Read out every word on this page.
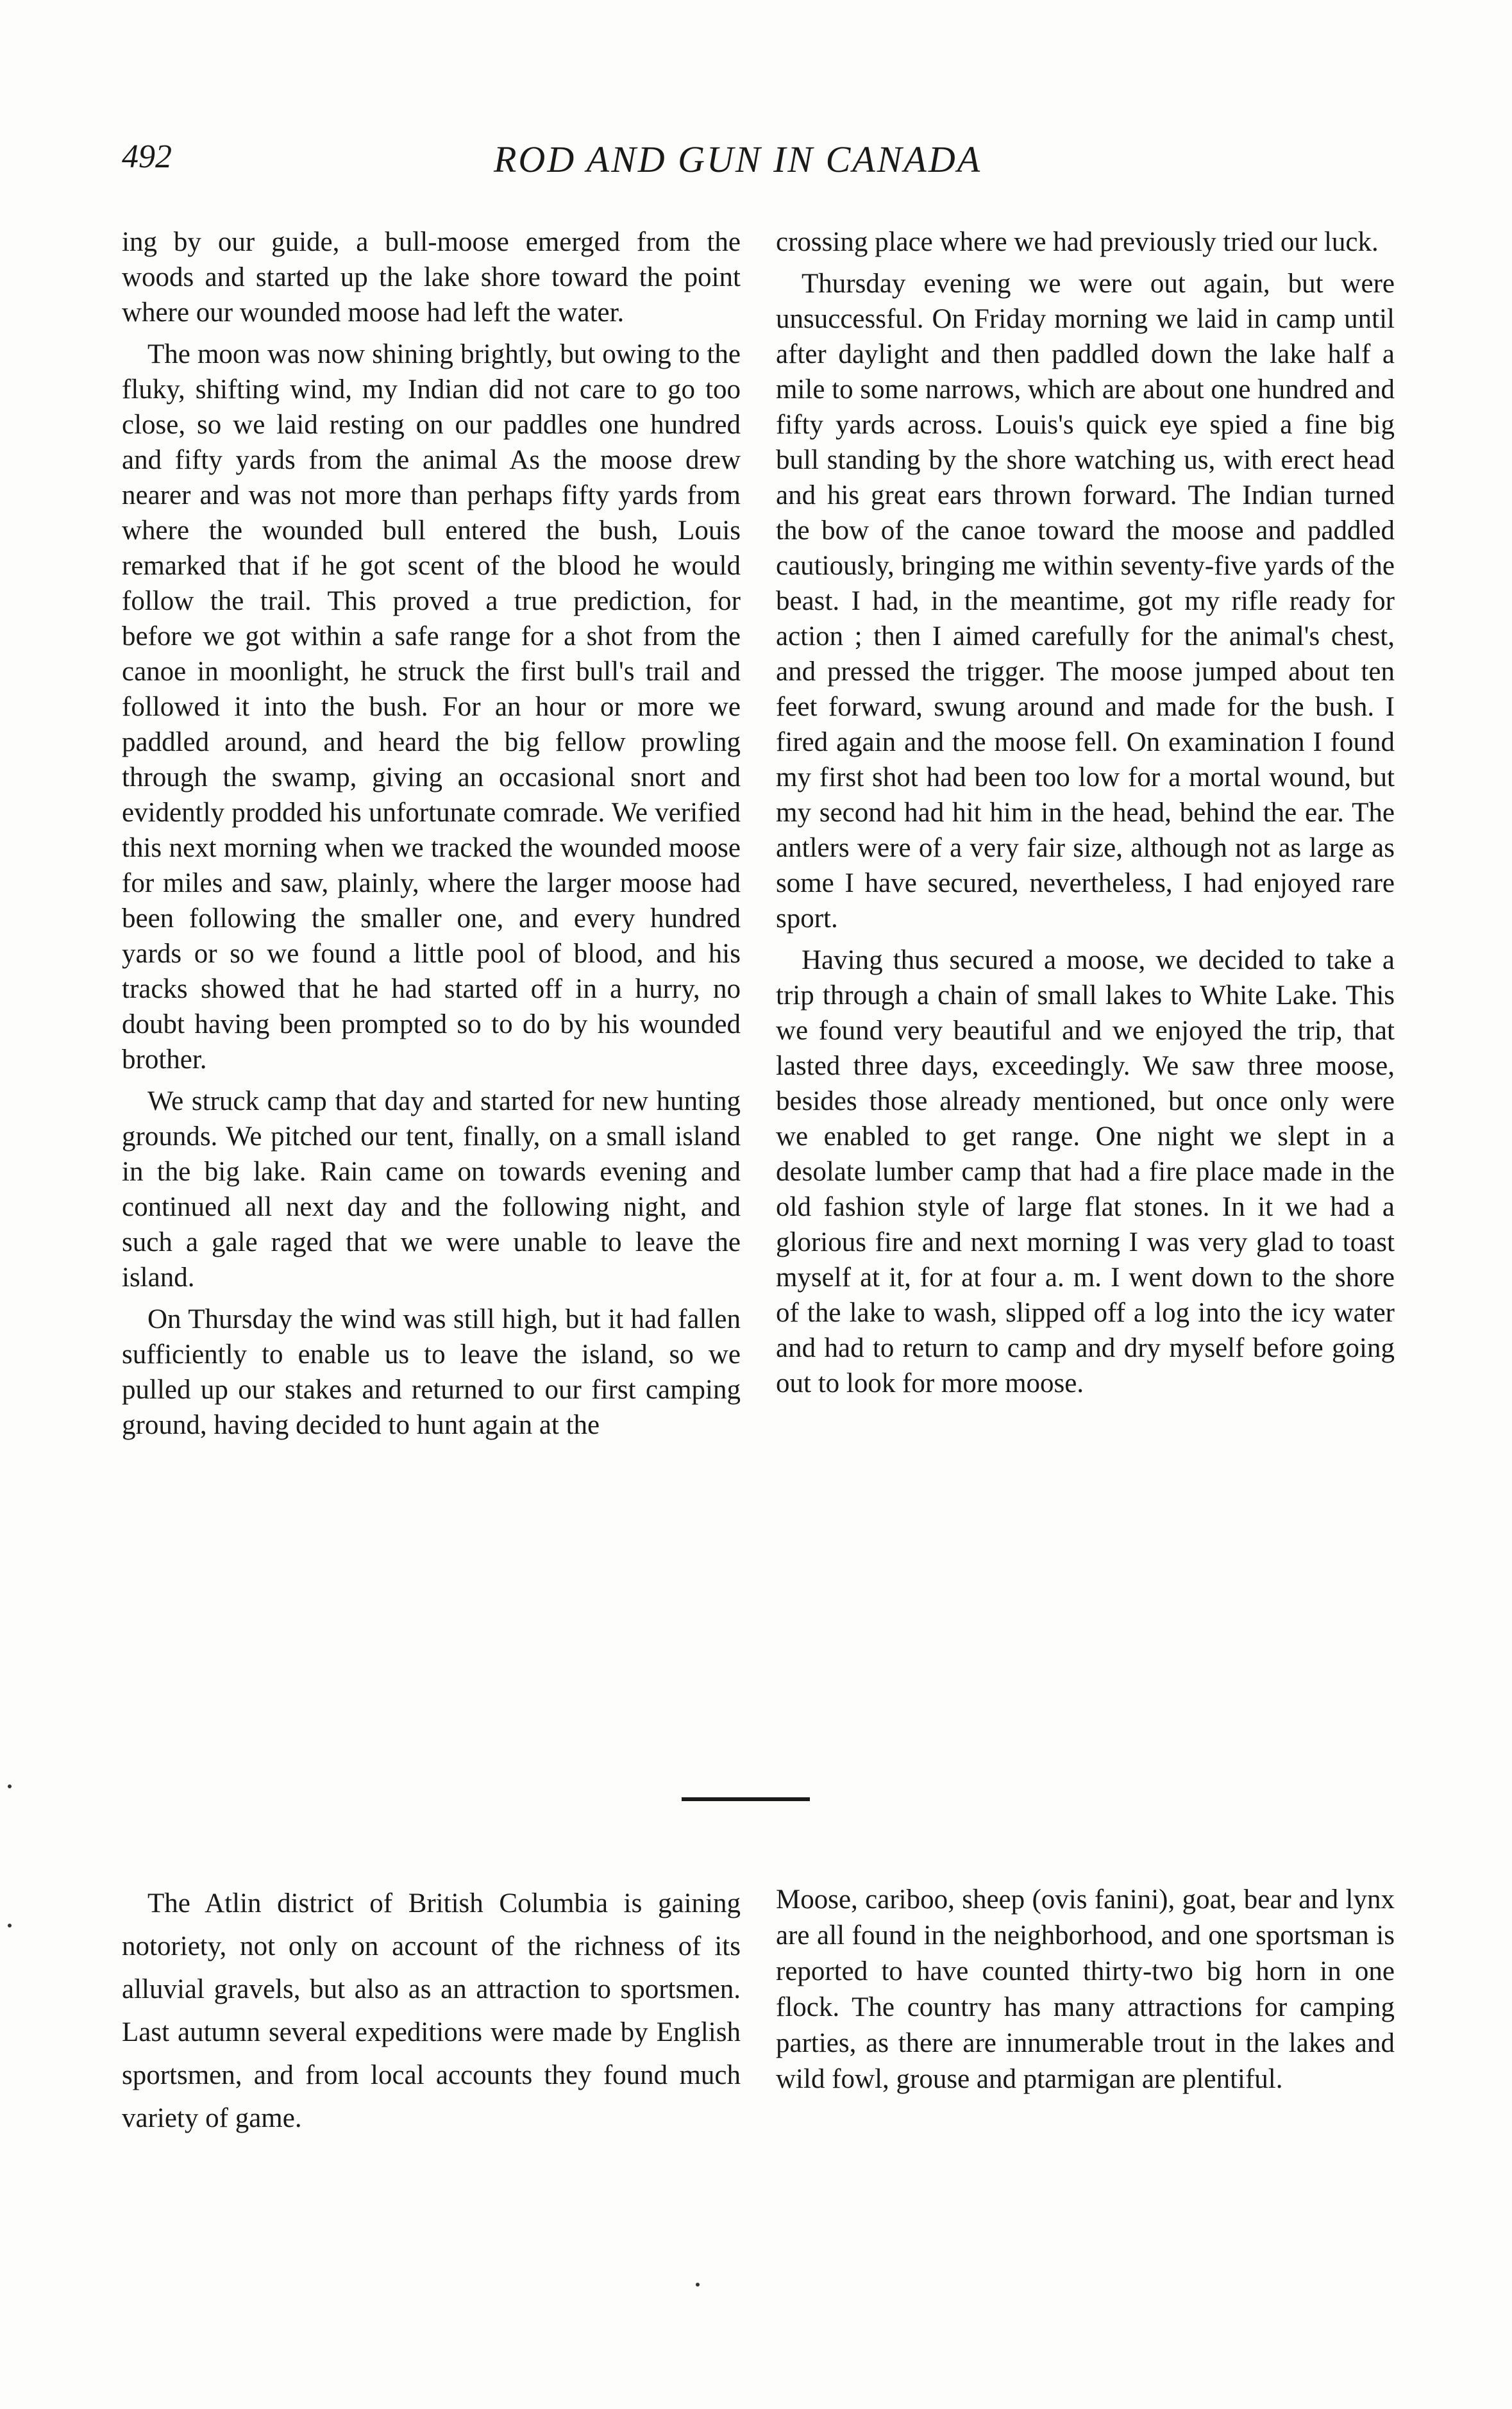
492	ROD AND GUN IN CANADA

ing by our guide, a bull-moose emerged from the woods and started up the lake shore toward the point where our wounded moose had left the water.

The moon was now shining brightly, but owing to the fluky, shifting wind, my Indian did not care to go too close, so we laid resting on our paddles one hundred and fifty yards from the animal As the moose drew nearer and was not more than perhaps fifty yards from where the wounded bull entered the bush, Louis remarked that if he got scent of the blood he would follow the trail. This proved a true prediction, for before we got within a safe range for a shot from the canoe in moonlight, he struck the first bull's trail and followed it into the bush. For an hour or more we paddled around, and heard the big fellow prowling through the swamp, giving an occasional snort and evidently prodded his unfortunate comrade. We verified this next morning when we tracked the wounded moose for miles and saw, plainly, where the larger moose had been following the smaller one, and every hundred yards or so we found a little pool of blood, and his tracks showed that he had started off in a hurry, no doubt having been prompted so to do by his wounded brother.

We struck camp that day and started for new hunting grounds. We pitched our tent, finally, on a small island in the big lake. Rain came on towards evening and continued all next day and the following night, and such a gale raged that we were unable to leave the island.

On Thursday the wind was still high, but it had fallen sufficiently to enable us to leave the island, so we pulled up our stakes and returned to our first camping ground, having decided to hunt again at the

crossing place where we had previously tried our luck.

Thursday evening we were out again, but were unsuccessful. On Friday morning we laid in camp until after daylight and then paddled down the lake half a mile to some narrows, which are about one hundred and fifty yards across. Louis's quick eye spied a fine big bull standing by the shore watching us, with erect head and his great ears thrown forward. The Indian turned the bow of the canoe toward the moose and paddled cautiously, bringing me within seventy-five yards of the beast. I had, in the meantime, got my rifle ready for action ; then I aimed carefully for the animal's chest, and pressed the trigger. The moose jumped about ten feet forward, swung around and made for the bush. I fired again and the moose fell. On examination I found my first shot had been too low for a mortal wound, but my second had hit him in the head, behind the ear. The antlers were of a very fair size, although not as large as some I have secured, nevertheless, I had enjoyed rare sport.

Having thus secured a moose, we decided to take a trip through a chain of small lakes to White Lake. This we found very beautiful and we enjoyed the trip, that lasted three days, exceedingly. We saw three moose, besides those already mentioned, but once only were we enabled to get range. One night we slept in a desolate lumber camp that had a fire place made in the old fashion style of large flat stones. In it we had a glorious fire and next morning I was very glad to toast myself at it, for at four a. m. I went down to the shore of the lake to wash, slipped off a log into the icy water and had to return to camp and dry myself before going out to look for more moose.

The Atlin district of British Columbia is gaining notoriety, not only on account of the richness of its alluvial gravels, but also as an attraction to sportsmen. Last autumn several expeditions were made by English sportsmen, and from local accounts they found much variety of game.

Moose, cariboo, sheep (ovis fanini), goat, bear and lynx are all found in the neighborhood, and one sportsman is reported to have counted thirty-two big horn in one flock. The country has many attractions for camping parties, as there are innumerable trout in the lakes and wild fowl, grouse and ptarmigan are plentiful.
